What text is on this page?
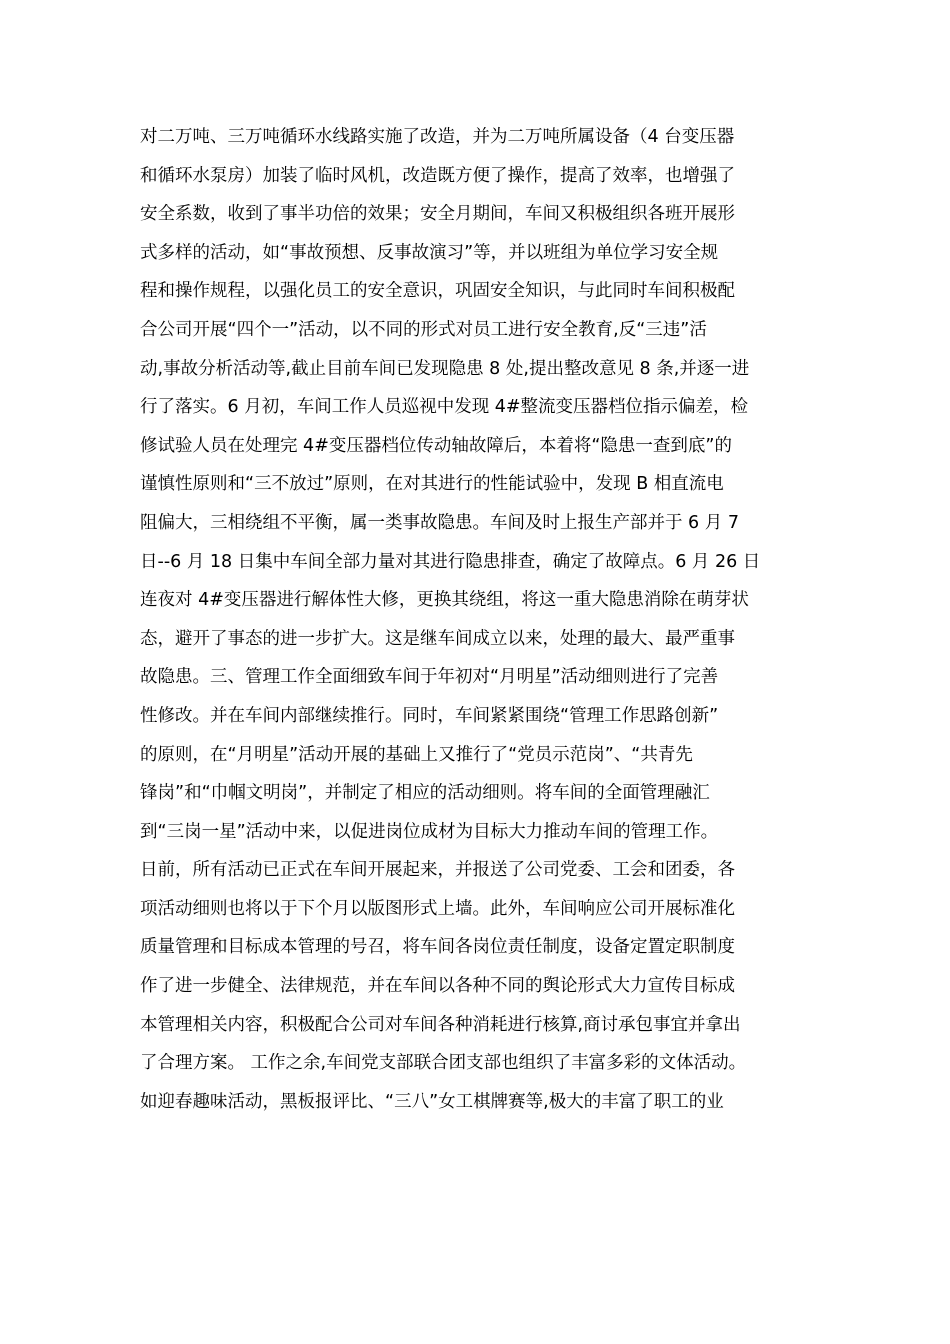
对二万吨、三万吨循环水线路实施了改造，并为二万吨所属设备（4 台变压器
和循环水泵房）加装了临时风机，改造既方便了操作，提高了效率，也增强了
安全系数，收到了事半功倍的效果；安全月期间，车间又积极组织各班开展形
式多样的活动，如“事故预想、反事故演习”等，并以班组为单位学习安全规
程和操作规程，以强化员工的安全意识，巩固安全知识，与此同时车间积极配
合公司开展“四个一”活动，以不同的形式对员工进行安全教育,反“三违”活
动,事故分析活动等,截止目前车间已发现隐患 8 处,提出整改意见 8 条,并逐一进
行了落实。6 月初，车间工作人员巡视中发现 4#整流变压器档位指示偏差，检
修试验人员在处理完 4#变压器档位传动轴故障后，本着将“隐患一查到底”的
谨慎性原则和“三不放过”原则，在对其进行的性能试验中，发现 B 相直流电
阻偏大，三相绕组不平衡，属一类事故隐患。车间及时上报生产部并于 6 月 7
日--6 月 18 日集中车间全部力量对其进行隐患排查，确定了故障点。6 月 26 日
连夜对 4#变压器进行解体性大修，更换其绕组，将这一重大隐患消除在萌芽状
态，避开了事态的进一步扩大。这是继车间成立以来，处理的最大、最严重事
故隐患。三、管理工作全面细致车间于年初对“月明星”活动细则进行了完善
性修改。并在车间内部继续推行。同时，车间紧紧围绕“管理工作思路创新”
的原则，在“月明星”活动开展的基础上又推行了“党员示范岗”、“共青先
锋岗”和“巾帼文明岗”，并制定了相应的活动细则。将车间的全面管理融汇
到“三岗一星”活动中来，以促进岗位成材为目标大力推动车间的管理工作。
日前，所有活动已正式在车间开展起来，并报送了公司党委、工会和团委，各
项活动细则也将以于下个月以版图形式上墙。此外，车间响应公司开展标准化
质量管理和目标成本管理的号召，将车间各岗位责任制度，设备定置定职制度
作了进一步健全、法律规范，并在车间以各种不同的舆论形式大力宣传目标成
本管理相关内容，积极配合公司对车间各种消耗进行核算,商讨承包事宜并拿出
了合理方案。 工作之余,车间党支部联合团支部也组织了丰富多彩的文体活动。
如迎春趣味活动，黑板报评比、“三八”女工棋牌赛等,极大的丰富了职工的业
